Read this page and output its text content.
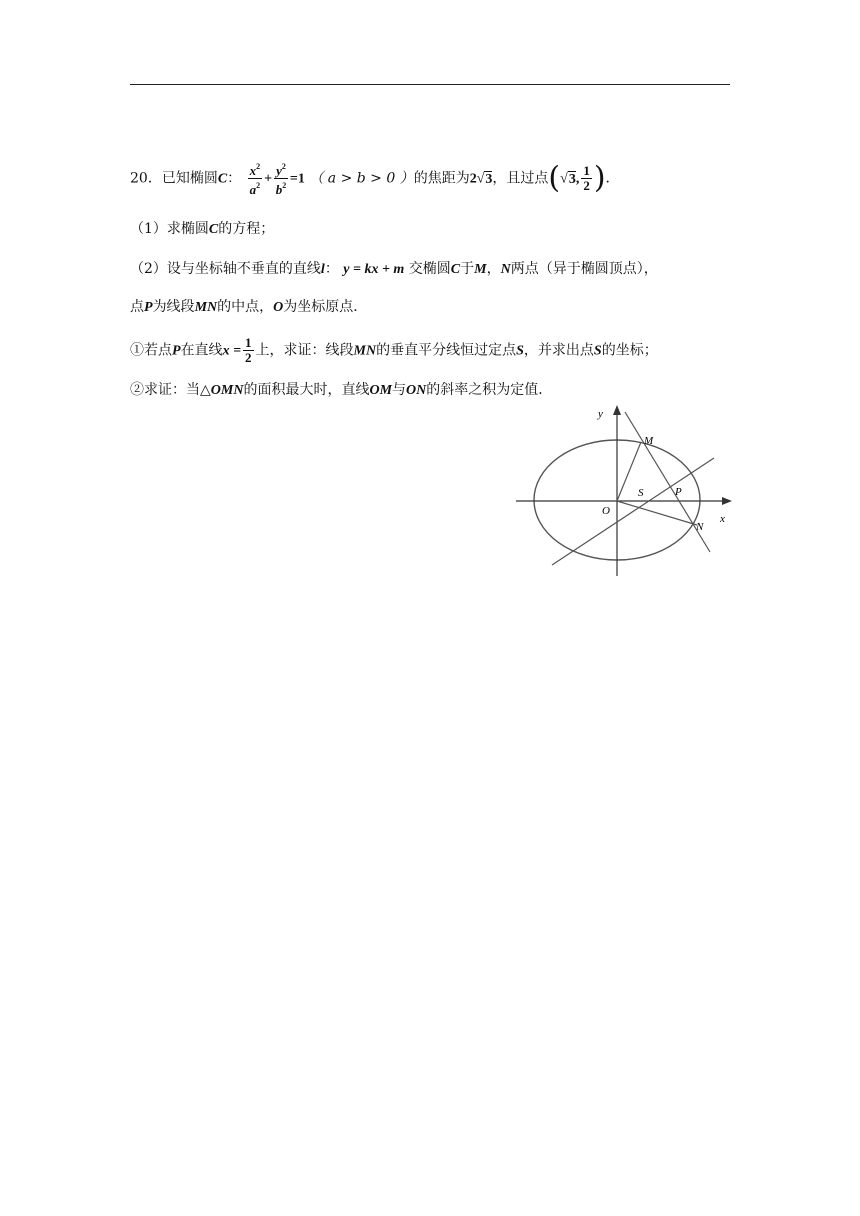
20．已知椭圆C： $\frac{x^2}{a^2} + \frac{y^2}{b^2} =1$ （ a > b > 0 ）的焦距为2√3，且过点(√3, $\frac{1}{2}$ )．
（1）求椭圆C的方程；
（2）设与坐标轴不垂直的直线l： y = kx + m 交椭圆C于M，N两点（异于椭圆顶点），
点P为线段MN的中点，O为坐标原点．
①若点P在直线$x = \frac{1}{2}$ 上，求证：线段MN的垂直平分线恒过定点S，并求出点S的坐标；
②求证：当△OMN的面积最大时，直线OM与ON的斜率之积为定值．
y
x
M
N
O
S	P
